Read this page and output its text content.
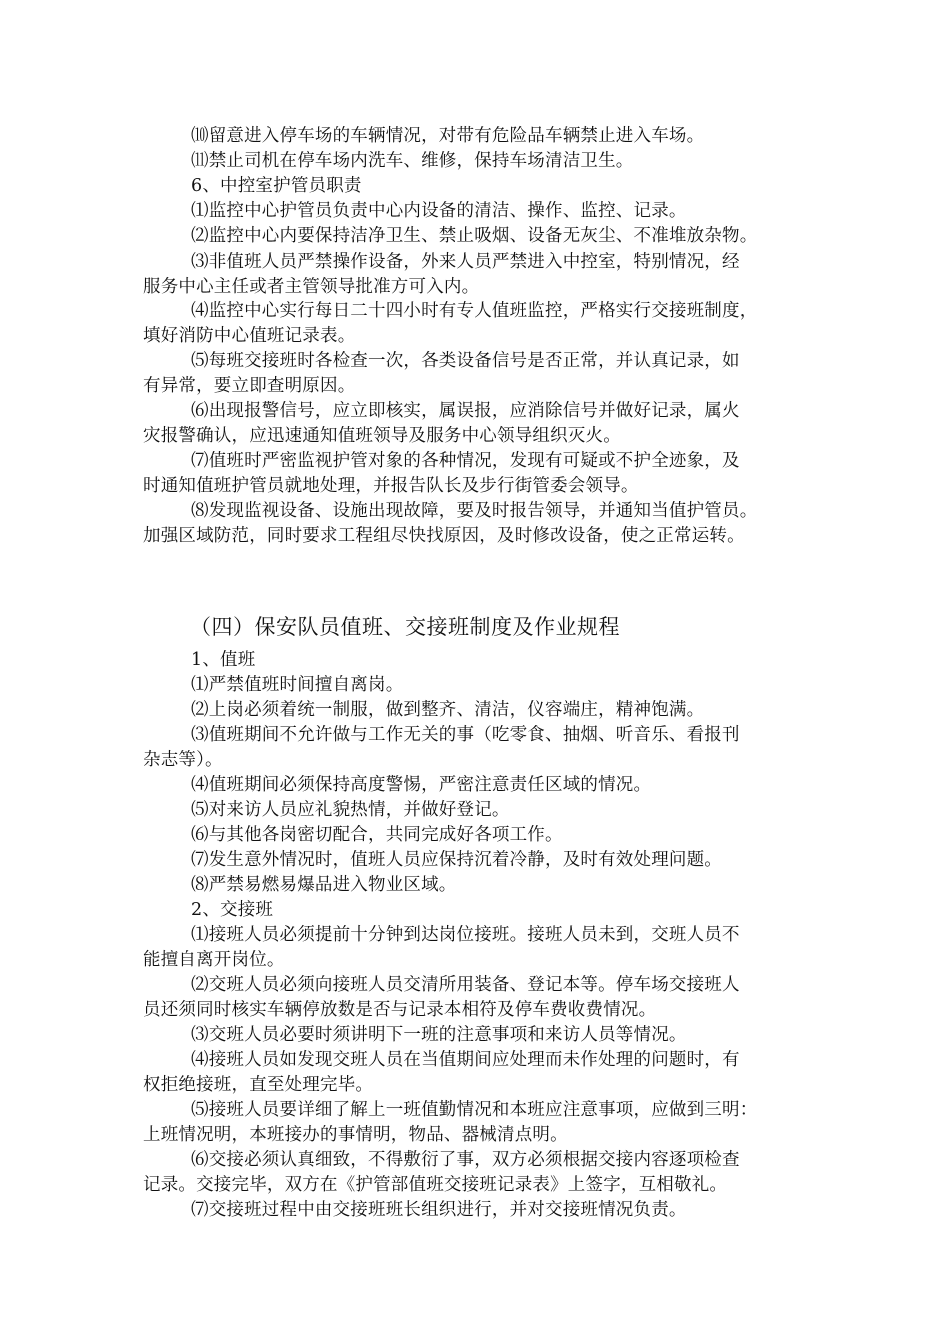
⑽留意进入停车场的车辆情况，对带有危险品车辆禁止进入车场。
⑾禁止司机在停车场内洗车、维修，保持车场清洁卫生。
6、中控室护管员职责
⑴监控中心护管员负责中心内设备的清洁、操作、监控、记录。
⑵监控中心内要保持洁净卫生、禁止吸烟、设备无灰尘、不准堆放杂物。
⑶非值班人员严禁操作设备，外来人员严禁进入中控室，特别情况，经
服务中心主任或者主管领导批准方可入内。
⑷监控中心实行每日二十四小时有专人值班监控，严格实行交接班制度，
填好消防中心值班记录表。
⑸每班交接班时各检查一次，各类设备信号是否正常，并认真记录，如
有异常，要立即查明原因。
⑹出现报警信号，应立即核实，属误报，应消除信号并做好记录，属火
灾报警确认，应迅速通知值班领导及服务中心领导组织灭火。
⑺值班时严密监视护管对象的各种情况，发现有可疑或不护全迹象，及
时通知值班护管员就地处理，并报告队长及步行街管委会领导。
⑻发现监视设备、设施出现故障，要及时报告领导，并通知当值护管员。
加强区域防范，同时要求工程组尽快找原因，及时修改设备，使之正常运转。
（四）保安队员值班、交接班制度及作业规程
1、值班
⑴严禁值班时间擅自离岗。
⑵上岗必须着统一制服，做到整齐、清洁，仪容端庄，精神饱满。
⑶值班期间不允许做与工作无关的事（吃零食、抽烟、听音乐、看报刊
杂志等）。
⑷值班期间必须保持高度警惕，严密注意责任区域的情况。
⑸对来访人员应礼貌热情，并做好登记。
⑹与其他各岗密切配合，共同完成好各项工作。
⑺发生意外情况时，值班人员应保持沉着冷静，及时有效处理问题。
⑻严禁易燃易爆品进入物业区域。
2、交接班
⑴接班人员必须提前十分钟到达岗位接班。接班人员未到，交班人员不
能擅自离开岗位。
⑵交班人员必须向接班人员交清所用装备、登记本等。停车场交接班人
员还须同时核实车辆停放数是否与记录本相符及停车费收费情况。
⑶交班人员必要时须讲明下一班的注意事项和来访人员等情况。
⑷接班人员如发现交班人员在当值期间应处理而未作处理的问题时，有
权拒绝接班，直至处理完毕。
⑸接班人员要详细了解上一班值勤情况和本班应注意事项，应做到三明：
上班情况明，本班接办的事情明，物品、器械清点明。
⑹交接必须认真细致，不得敷衍了事，双方必须根据交接内容逐项检查
记录。交接完毕，双方在《护管部值班交接班记录表》上签字，互相敬礼。
⑺交接班过程中由交接班班长组织进行，并对交接班情况负责。
